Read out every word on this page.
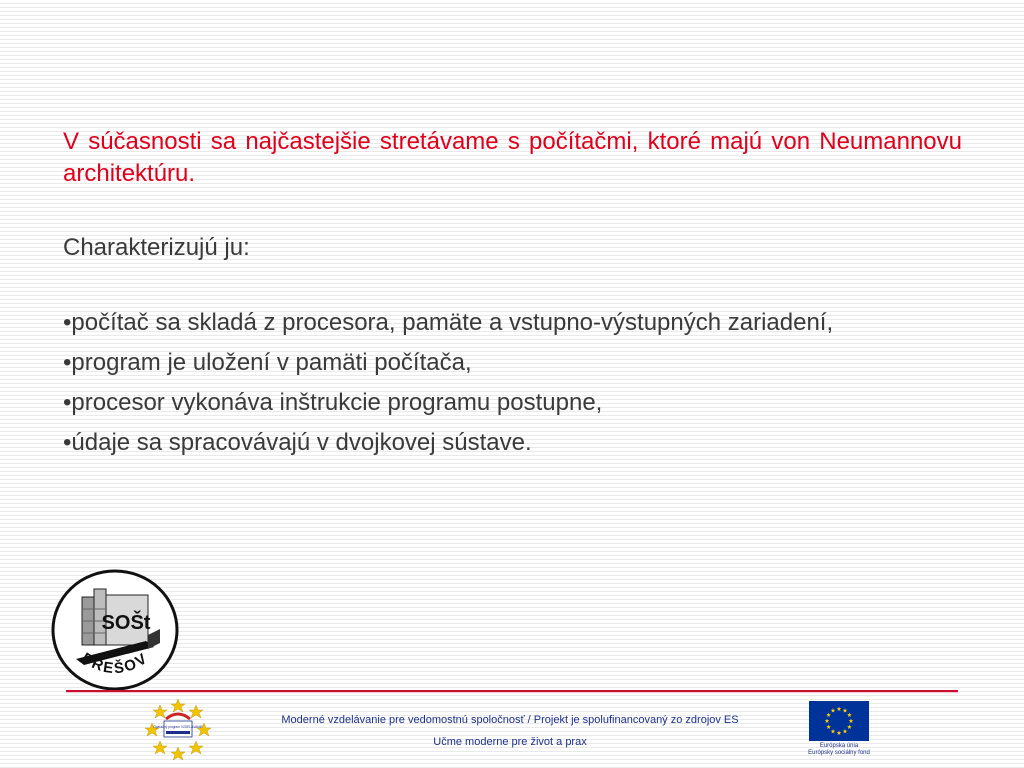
V súčasnosti sa najčastejšie stretávame s počítačmi, ktoré majú von Neumannovu architektúru.

Charakterizujú ju:

•počítač sa skladá z procesora, pamäte a vstupno-výstupných zariadení,

•program je uložení v pamäti počítača,

•procesor vykonáva inštrukcie programu postupne,

•údaje sa spracovávajú v dvojkovej sústave.

SOŠt
PREŠOV
Operačný program VZDELÁVANIE
Moderné vzdelávanie pre vedomostnú spoločnosť / Projekt je spolufinancovaný zo zdrojov ES
Učme moderne pre život a prax	Európska únia
Európsky sociálny fond
